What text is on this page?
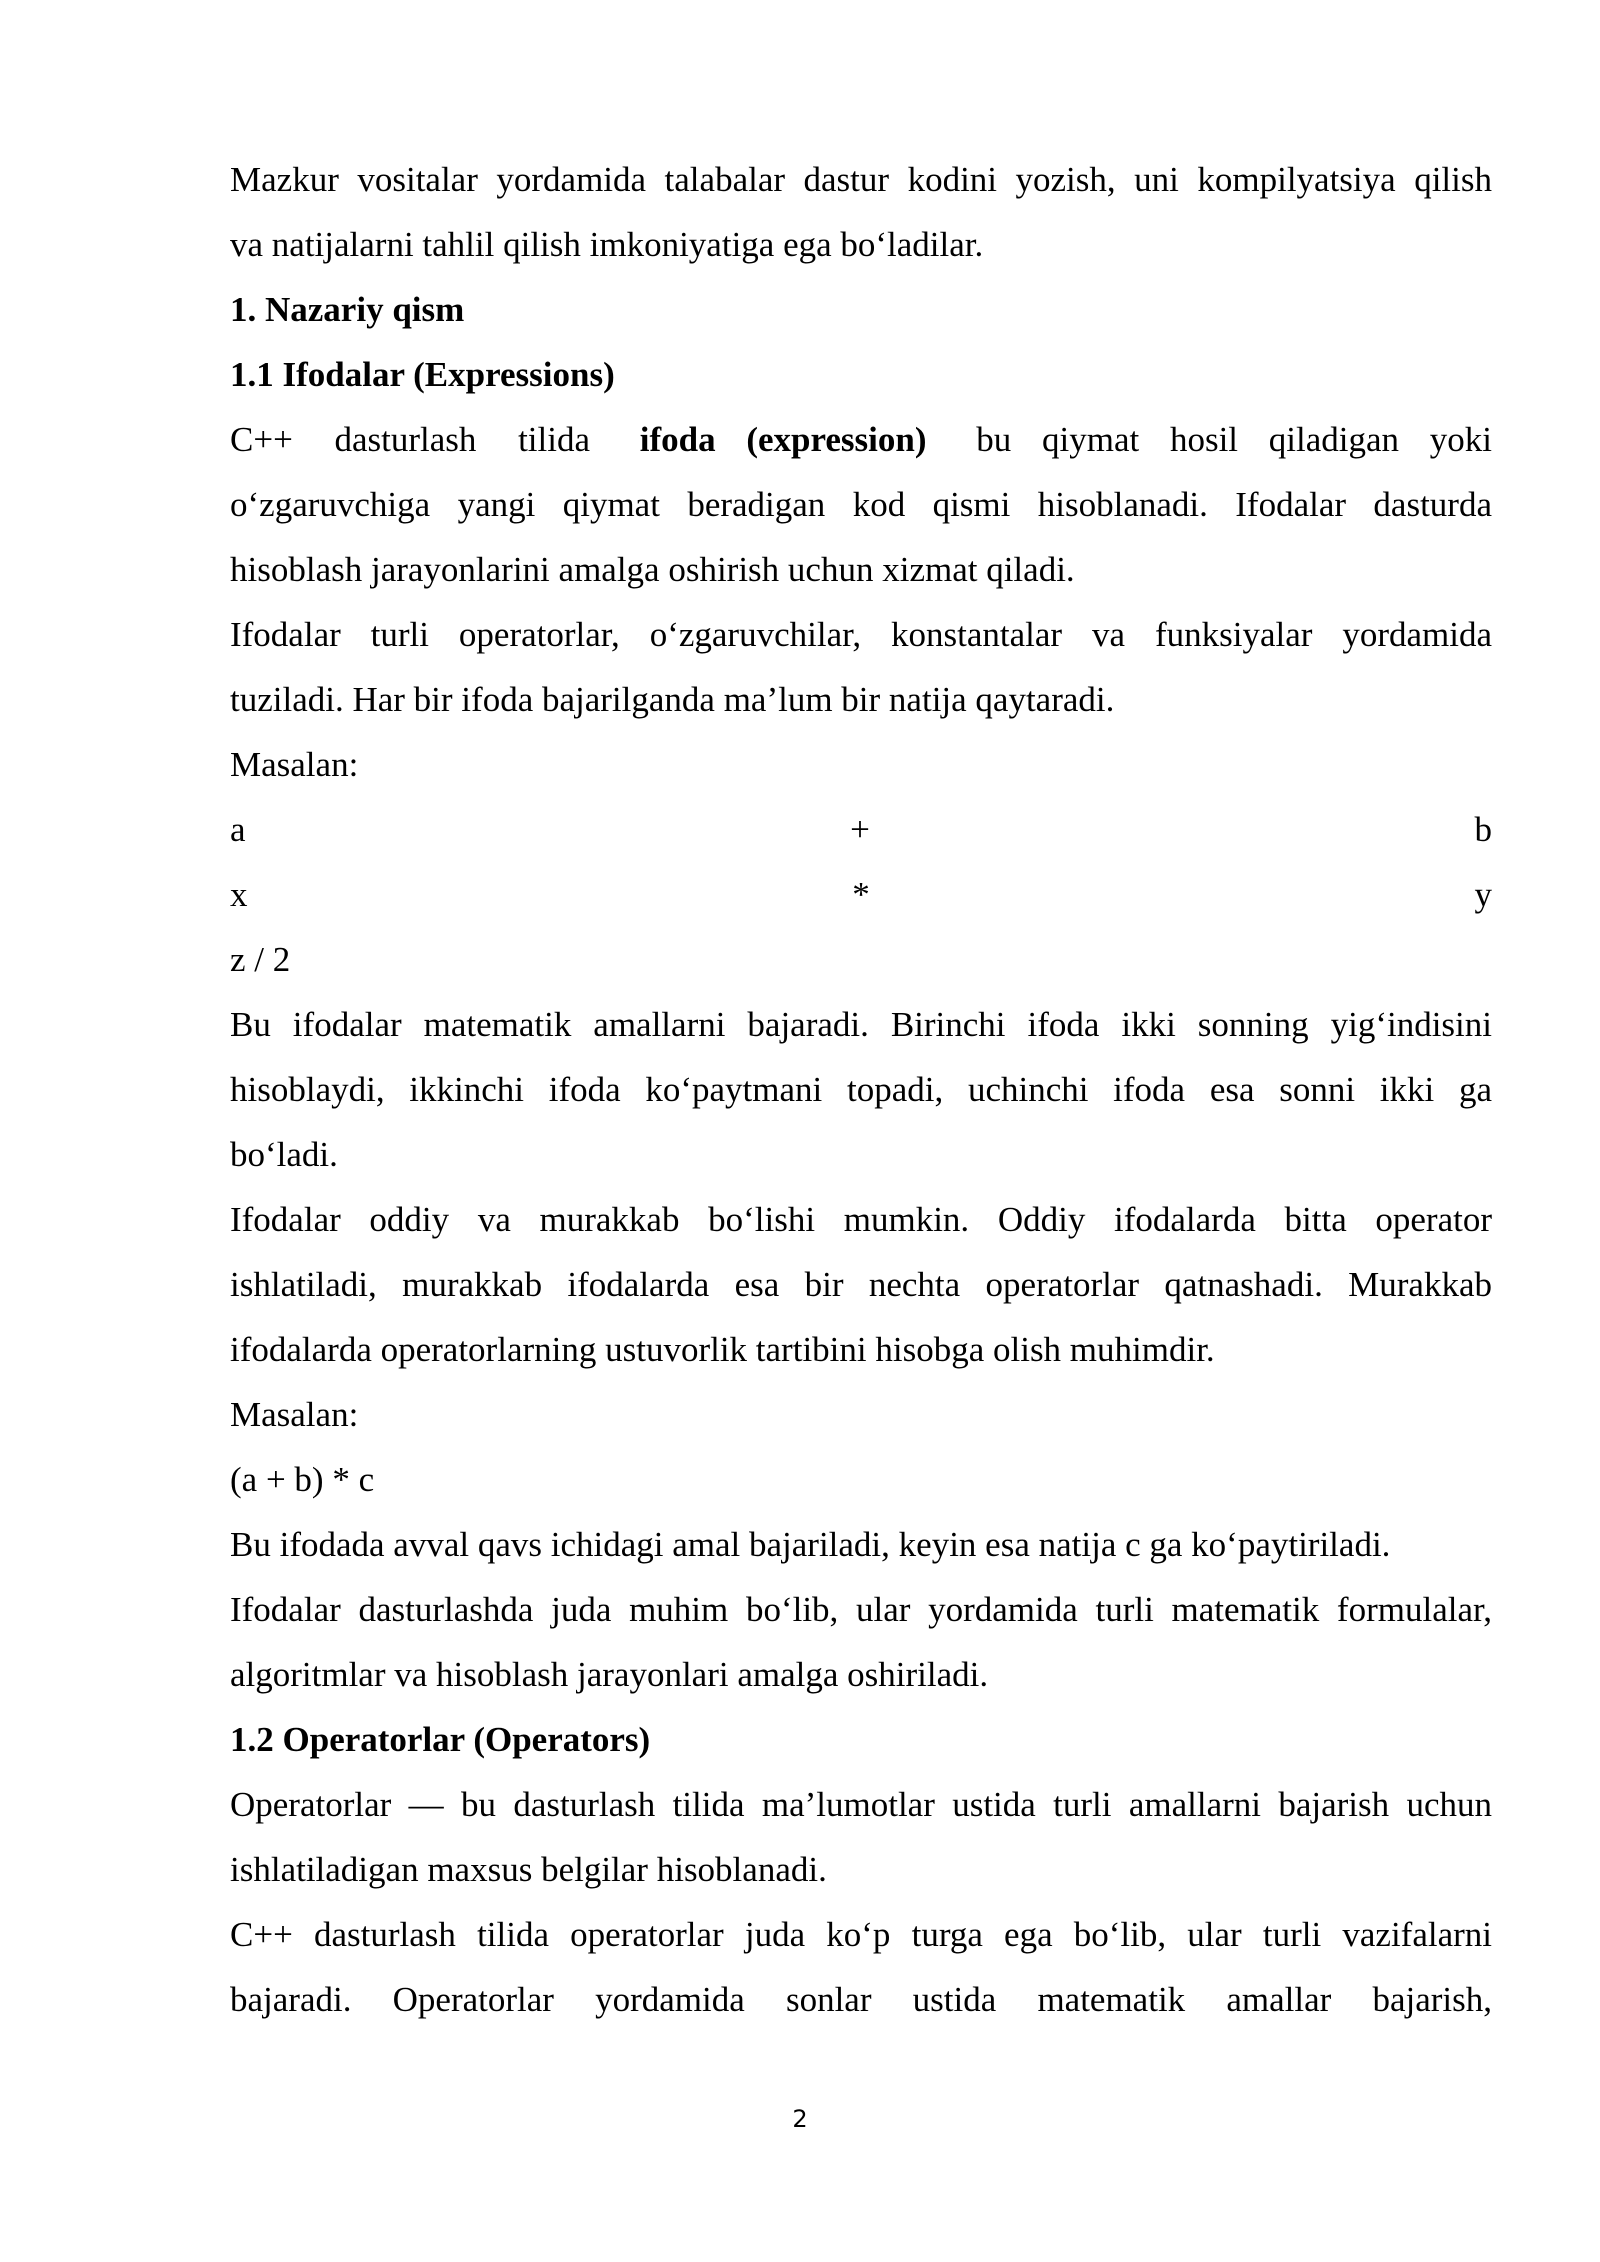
Mazkur vositalar yordamida talabalar dastur kodini yozish, uni kompilyatsiya qilish
va natijalarni tahlil qilish imkoniyatiga ega bo‘ladilar.
1. Nazariy qism
1.1 Ifodalar (Expressions)
C++ dasturlash tilida ifoda (expression) bu qiymat hosil qiladigan yoki
o‘zgaruvchiga yangi qiymat beradigan kod qismi hisoblanadi. Ifodalar dasturda
hisoblash jarayonlarini amalga oshirish uchun xizmat qiladi.
Ifodalar turli operatorlar, o‘zgaruvchilar, konstantalar va funksiyalar yordamida
tuziladi. Har bir ifoda bajarilganda ma’lum bir natija qaytaradi.
Masalan:
a	+	b
x	*	y
z / 2
Bu ifodalar matematik amallarni bajaradi. Birinchi ifoda ikki sonning yig‘indisini
hisoblaydi, ikkinchi ifoda ko‘paytmani topadi, uchinchi ifoda esa sonni ikki ga
bo‘ladi.
Ifodalar oddiy va murakkab bo‘lishi mumkin. Oddiy ifodalarda bitta operator
ishlatiladi, murakkab ifodalarda esa bir nechta operatorlar qatnashadi. Murakkab
ifodalarda operatorlarning ustuvorlik tartibini hisobga olish muhimdir.
Masalan:
(a + b) * c
Bu ifodada avval qavs ichidagi amal bajariladi, keyin esa natija c ga ko‘paytiriladi.
Ifodalar dasturlashda juda muhim bo‘lib, ular yordamida turli matematik formulalar,
algoritmlar va hisoblash jarayonlari amalga oshiriladi.
1.2 Operatorlar (Operators)
Operatorlar — bu dasturlash tilida ma’lumotlar ustida turli amallarni bajarish uchun
ishlatiladigan maxsus belgilar hisoblanadi.
C++ dasturlash tilida operatorlar juda ko‘p turga ega bo‘lib, ular turli vazifalarni
bajaradi. Operatorlar yordamida sonlar ustida matematik amallar bajarish,
2
